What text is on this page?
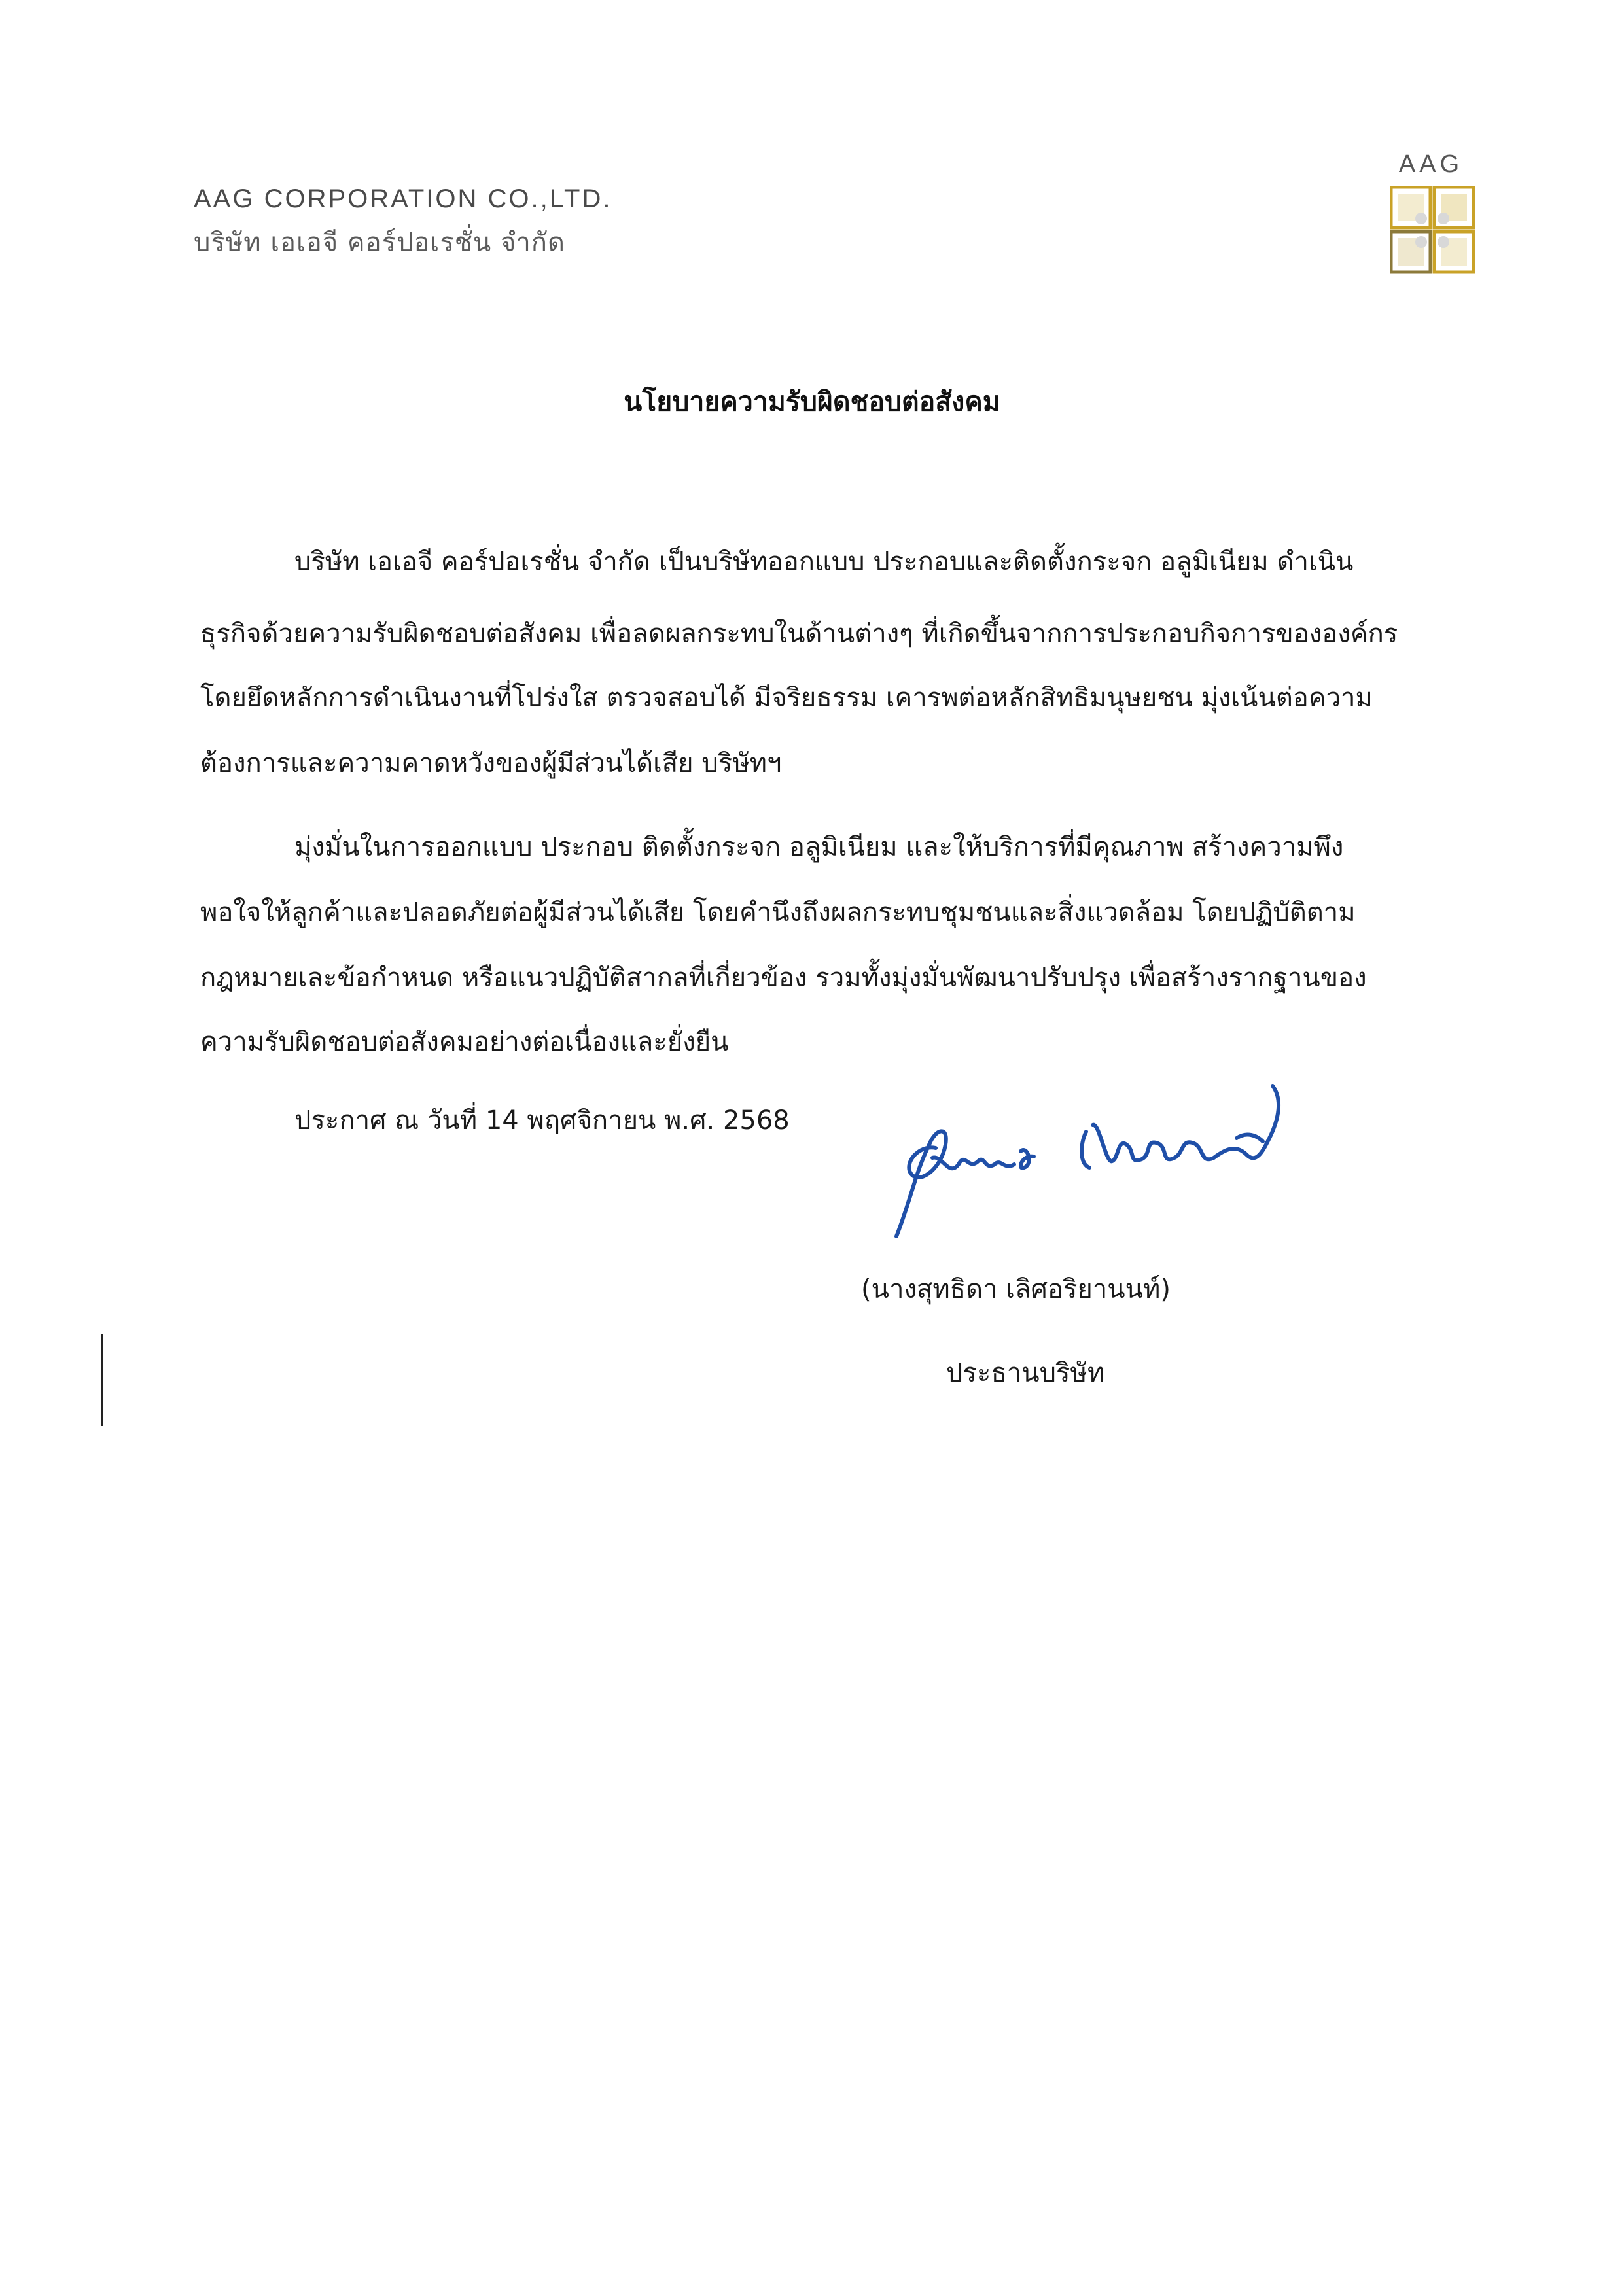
AAG CORPORATION CO.,LTD.
บริษัท เอเอจี คอร์ปอเรชั่น จำกัด
AAG
นโยบายความรับผิดชอบต่อสังคม
บริษัท เอเอจี คอร์ปอเรชั่น จำกัด เป็นบริษัทออกแบบ ประกอบและติดตั้งกระจก อลูมิเนียม ดำเนิน
ธุรกิจด้วยความรับผิดชอบต่อสังคม เพื่อลดผลกระทบในด้านต่างๆ ที่เกิดขึ้นจากการประกอบกิจการขององค์กร
โดยยึดหลักการดำเนินงานที่โปร่งใส ตรวจสอบได้ มีจริยธรรม เคารพต่อหลักสิทธิมนุษยชน มุ่งเน้นต่อความ
ต้องการและความคาดหวังของผู้มีส่วนได้เสีย บริษัทฯ
มุ่งมั่นในการออกแบบ ประกอบ ติดตั้งกระจก อลูมิเนียม และให้บริการที่มีคุณภาพ สร้างความพึง
พอใจให้ลูกค้าและปลอดภัยต่อผู้มีส่วนได้เสีย โดยคำนึงถึงผลกระทบชุมชนและสิ่งแวดล้อม โดยปฏิบัติตาม
กฎหมายเละข้อกำหนด หรือแนวปฏิบัติสากลที่เกี่ยวข้อง รวมทั้งมุ่งมั่นพัฒนาปรับปรุง เพื่อสร้างรากฐานของ
ความรับผิดชอบต่อสังคมอย่างต่อเนื่องและยั่งยืน
ประกาศ ณ วันที่ 14 พฤศจิกายน พ.ศ. 2568
(นางสุทธิดา เลิศอริยานนท์)
ประธานบริษัท
